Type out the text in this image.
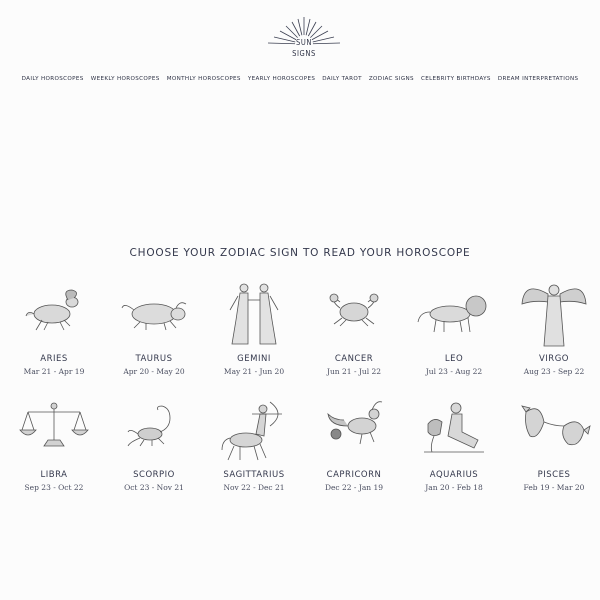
SUN
SIGNS
DAILY HOROSCOPES WEEKLY HOROSCOPES MONTHLY HOROSCOPES YEARLY HOROSCOPES DAILY TAROT ZODIAC SIGNS CELEBRITY BIRTHDAYS DREAM INTERPRETATIONS
CHOOSE YOUR ZODIAC SIGN TO READ YOUR HOROSCOPE
ARIES
Mar 21 - Apr 19
TAURUS
Apr 20 - May 20
GEMINI
May 21 - Jun 20
CANCER
Jun 21 - Jul 22
LEO
Jul 23 - Aug 22
VIRGO
Aug 23 - Sep 22
LIBRA
Sep 23 - Oct 22
SCORPIO
Oct 23 - Nov 21
SAGITTARIUS
Nov 22 - Dec 21
CAPRICORN
Dec 22 - Jan 19
AQUARIUS
Jan 20 - Feb 18
PISCES
Feb 19 - Mar 20
